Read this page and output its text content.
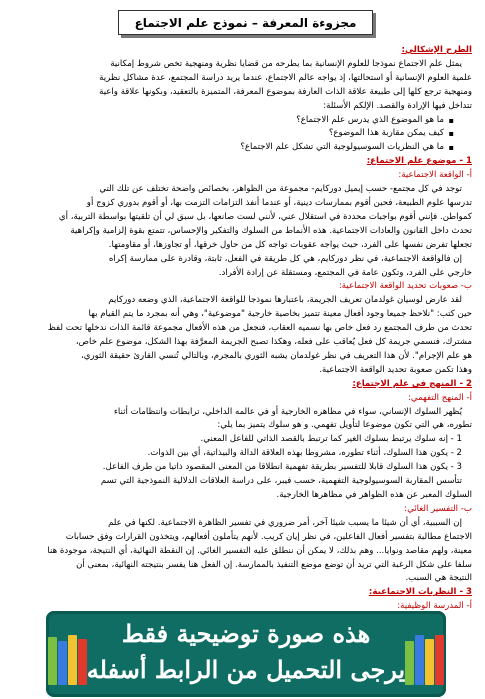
مجزوءة المعرفة – نموذج علم الاجتماع

الطرح الإشكالي:

يمثل علم الاجتماع نموذجا للعلوم الإنسانية بما يطرحه من قضايا نظرية ومنهجية تخص شروط إمكانية

علمية العلوم الإنسانية أو استحالتها، إذ يواجه عالم الاجتماع، عندما يريد دراسة المجتمع، عدة مشاكل نظرية

ومنهجية ترجع كلها إلى طبيعة علاقة الذات العارفة بموضوع المعرفة، المتميزة بالتعقيد، وبكونها علاقة واعية

تتداخل فيها الإرادة والقصد. الإلكم الأسئلة:

▪ ما هو الموضوع الذي يدرس علم الاجتماع؟

▪ كيف يمكن مقاربة هذا الموضوع؟

▪ ما هي النظريات السوسيولوجية التي تشكل علم الاجتماع؟

1 - موضوع علم الاجتماع:

أ- الواقعة الاجتماعية:

توجد في كل مجتمع- حسب إيميل دوركايم- مجموعة من الظواهر، بخصائص واضحة تختلف عن تلك التي

تدرسها علوم الطبيعة، فحين أقوم بممارسات دينية، أو عندما أنفذ التزامات التزمت بها، أو أقوم بدوري كزوج أو

كمواطن. فإنني أقوم بواجبات محددة في استقلال عني، لأنني لست صانعها، بل سبق لي أن تلقيتها بواسطة التربية، أي

تحدث داخل القانون والعادات الاجتماعية. هذه الأنماط من السلوك والتفكير والإحساس، تتمتع بقوة إلزامية وإكراهية

تجعلها تفرض نفسها على الفرد، حيث يواجه عقوبات تواجه كل من حاول خرقها، أو تجاوزها، أو مقاومتها.

إن فالواقعة الاجتماعية، في نظر دوركايم، هي كل طريقة في الفعل، ثابتة، وقادرة على ممارسة إكراه

خارجي على الفرد، وتكون عامة في المجتمع، ومستقلة عن إرادة الأفراد.

ب- صعوبات تحديد الواقعة الاجتماعية:

لقد عارض لوسيان غولدمان تعريف الجريمة، باعتبارها نموذجا للواقعة الاجتماعية، الذي وضعه دوركايم

حين كتب: "نلاحظ جميعا وجود أفعال معينة تتميز بخاصية خارجية "موضوعية"، وهي أنه بمجرد ما يتم القيام بها

تحدث من طرف المجتمع رد فعل خاص بها نسميه العقاب، فنجعل من هذه الأفعال مجموعة قائمة الذات ندخلها تحت لفظ

مشترك، فنسمي جريمة كل فعل يُعاقب على فعله، وهكذا تصبح الجريمة المعرَّفة بهذا الشكل، موضوع علم خاص،

هو علم الإجرام". لأن هذا التعريف في نظر غولدمان يشبه الثوري بالمجرم، وبالتالي تُنسي القارئ حقيقة الثوري،

وهذا تكمن صعوبة تحديد الواقعة الاجتماعية.

2 - المنهج في علم الاجتماع:

أ- المنهج التفهمي:

يُظهر السلوك الإنساني، سواء في مظاهره الخارجية أو في عالمه الداخلي، ترابطات وانتظامات أثناء

تطوره، هي التي تكون موضوعا لتأويل تفهمي. و هو سلوك يتميز بما يلي:

1 - إنه سلوك يرتبط بسلوك الغير كما ترتبط بالقصد الذاتي للفاعل المعني.

2 - يكون هذا السلوك، أثناء تطوره، مشروطا بهذه العلاقة الدالة والبيذاتية، أي بين الذوات.

3 - يكون هذا السلوك قابلا للتفسير بطريقة تفهمية انطلاقا من المعنى المقصود ذاتيا من طرف الفاعل.

تتأسس المقاربة السوسيولوجية التفهمية، حسب فيبر، على دراسة العلاقات الدلالية النموذجية التي تسم

السلوك المعبر عن هذه الظواهر في مظاهرها الخارجية.

ب- التفسير الغائي:

إن السببية، أي أن شيئا ما يسبب شيئا آخر، أمر ضروري في تفسير الظاهرة الاجتماعية. لكنها في علم

الاجتماع مطالبة بتفسير أفعال الفاعلين، في نظر إيان كريب. لأنهم يتأملون أفعالهم، ويتخذون القرارات وفق حسابات

معينة، ولهم مقاصد ونوايا... وهم بذلك، لا يمكن أن ننطلق عليه التفسير الغائي. إن النقطة النهائية، أي النتيجة، موجودة هنا

سلفا على شكل الرغبة التي تريد أن توضع موضع التنفيذ بالممارسة. إن الفعل هنا يفسر بنتيجته النهائية، بمعنى أن

النتيجة هي السبب.

3 - النظريات الاجتماعية:

أ- المدرسة الوظيفية:

هذه صورة توضيحية فقط
يرجى التحميل من الرابط أسفله
